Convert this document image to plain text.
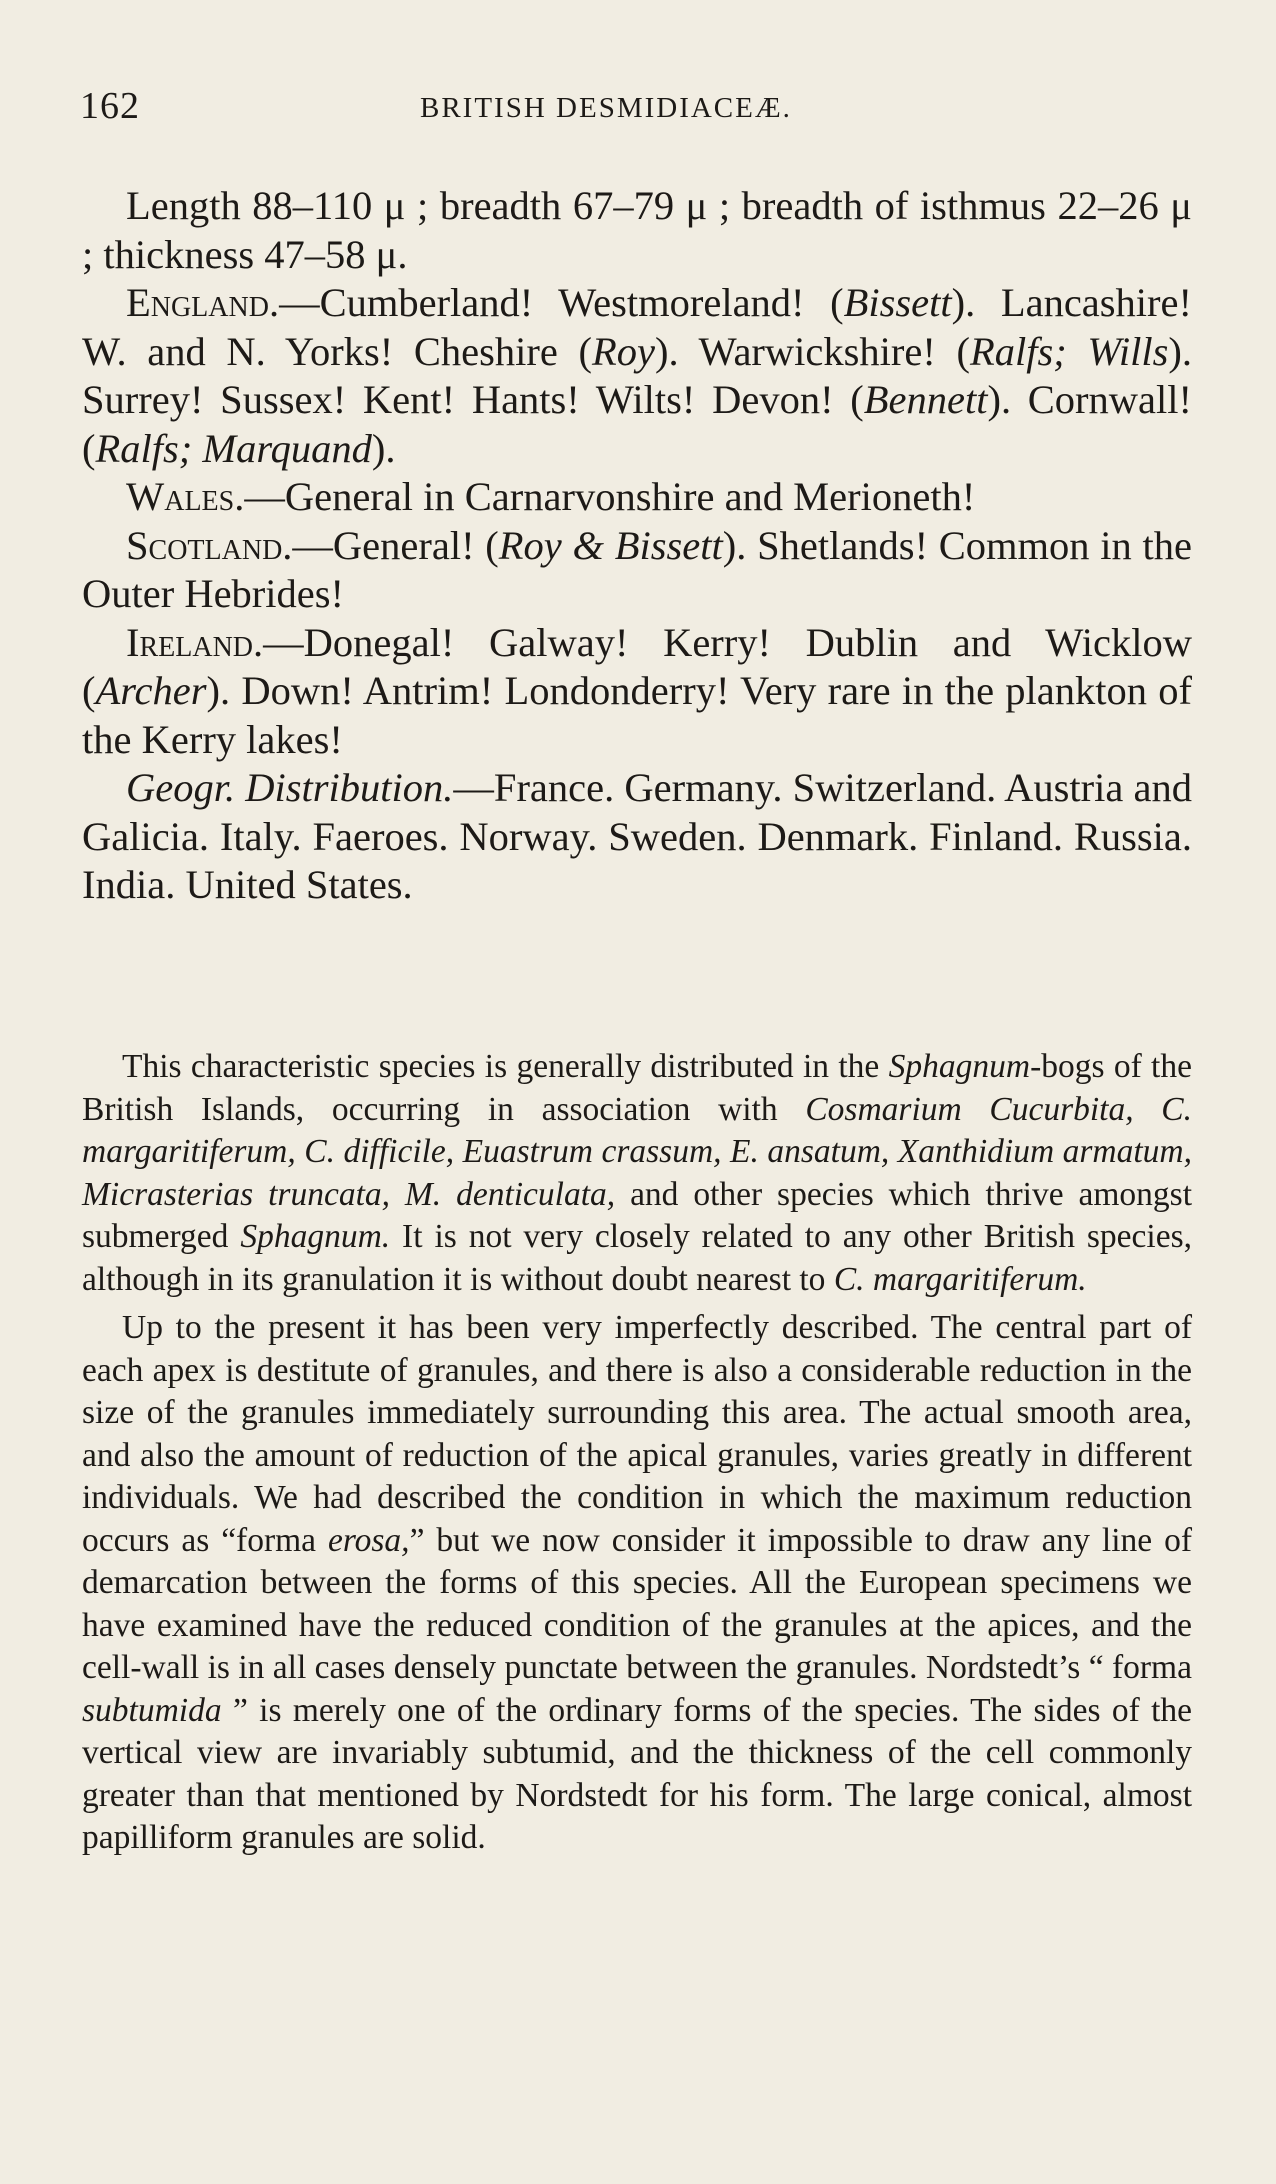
162	BRITISH DESMIDIACEÆ.

Length 88–110 μ ; breadth 67–79 μ ; breadth of isthmus 22–26 μ ; thickness 47–58 μ.

England.—Cumberland! Westmoreland! (Bissett). Lancashire! W. and N. Yorks! Cheshire (Roy). Warwickshire! (Ralfs; Wills). Surrey! Sussex! Kent! Hants! Wilts! Devon! (Bennett). Cornwall! (Ralfs; Marquand).

Wales.—General in Carnarvonshire and Merioneth!

Scotland.—General! (Roy & Bissett). Shetlands! Common in the Outer Hebrides!

Ireland.—Donegal! Galway! Kerry! Dublin and Wicklow (Archer). Down! Antrim! Londonderry! Very rare in the plankton of the Kerry lakes!

Geogr. Distribution.—France. Germany. Switzerland. Austria and Galicia. Italy. Faeroes. Norway. Sweden. Denmark. Finland. Russia. India. United States.

This characteristic species is generally distributed in the Sphagnum-bogs of the British Islands, occurring in association with Cosmarium Cucurbita, C. margaritiferum, C. difficile, Euastrum crassum, E. ansatum, Xanthidium armatum, Micrasterias truncata, M. denticulata, and other species which thrive amongst submerged Sphagnum. It is not very closely related to any other British species, although in its granulation it is without doubt nearest to C. margaritiferum.

Up to the present it has been very imperfectly described. The central part of each apex is destitute of granules, and there is also a considerable reduction in the size of the granules immediately surrounding this area. The actual smooth area, and also the amount of reduction of the apical granules, varies greatly in different individuals. We had described the condition in which the maximum reduction occurs as “forma erosa,” but we now consider it impossible to draw any line of demarcation between the forms of this species. All the European specimens we have examined have the reduced condition of the granules at the apices, and the cell-wall is in all cases densely punctate between the granules. Nordstedt’s “ forma subtumida ” is merely one of the ordinary forms of the species. The sides of the vertical view are invariably subtumid, and the thickness of the cell commonly greater than that mentioned by Nordstedt for his form. The large conical, almost papilliform granules are solid.
